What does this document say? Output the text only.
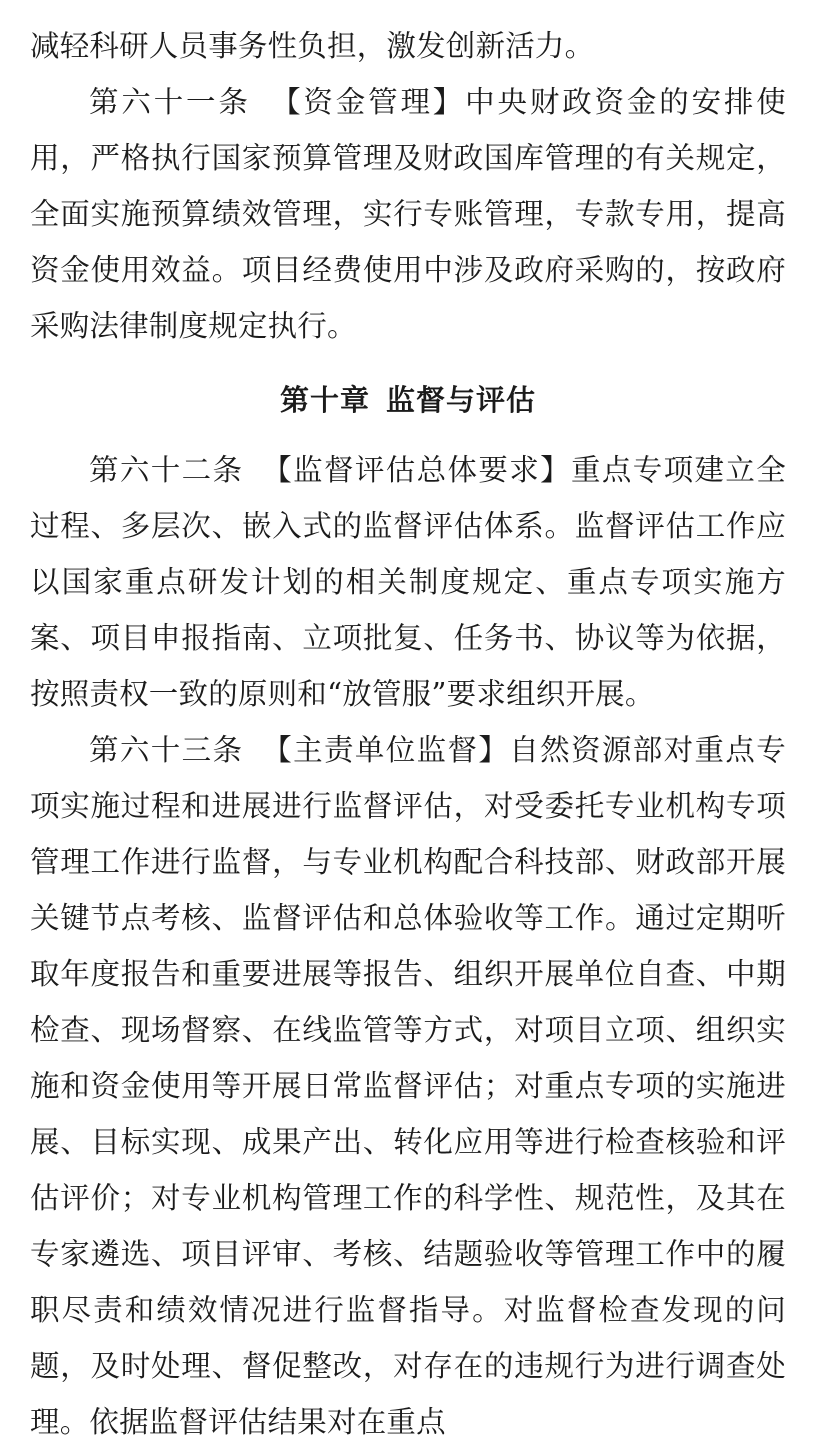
减轻科研人员事务性负担，激发创新活力。

第六十一条 【资金管理】中央财政资金的安排使用，严格执行国家预算管理及财政国库管理的有关规定，全面实施预算绩效管理，实行专账管理，专款专用，提高资金使用效益。项目经费使用中涉及政府采购的，按政府采购法律制度规定执行。

第十章 监督与评估

第六十二条 【监督评估总体要求】重点专项建立全过程、多层次、嵌入式的监督评估体系。监督评估工作应以国家重点研发计划的相关制度规定、重点专项实施方案、项目申报指南、立项批复、任务书、协议等为依据，按照责权一致的原则和“放管服”要求组织开展。

第六十三条 【主责单位监督】自然资源部对重点专项实施过程和进展进行监督评估，对受委托专业机构专项管理工作进行监督，与专业机构配合科技部、财政部开展关键节点考核、监督评估和总体验收等工作。通过定期听取年度报告和重要进展等报告、组织开展单位自查、中期检查、现场督察、在线监管等方式，对项目立项、组织实施和资金使用等开展日常监督评估；对重点专项的实施进展、目标实现、成果产出、转化应用等进行检查核验和评估评价；对专业机构管理工作的科学性、规范性，及其在专家遴选、项目评审、考核、结题验收等管理工作中的履职尽责和绩效情况进行监督指导。对监督检查发现的问题，及时处理、督促整改，对存在的违规行为进行调查处理。依据监督评估结果对在重点
